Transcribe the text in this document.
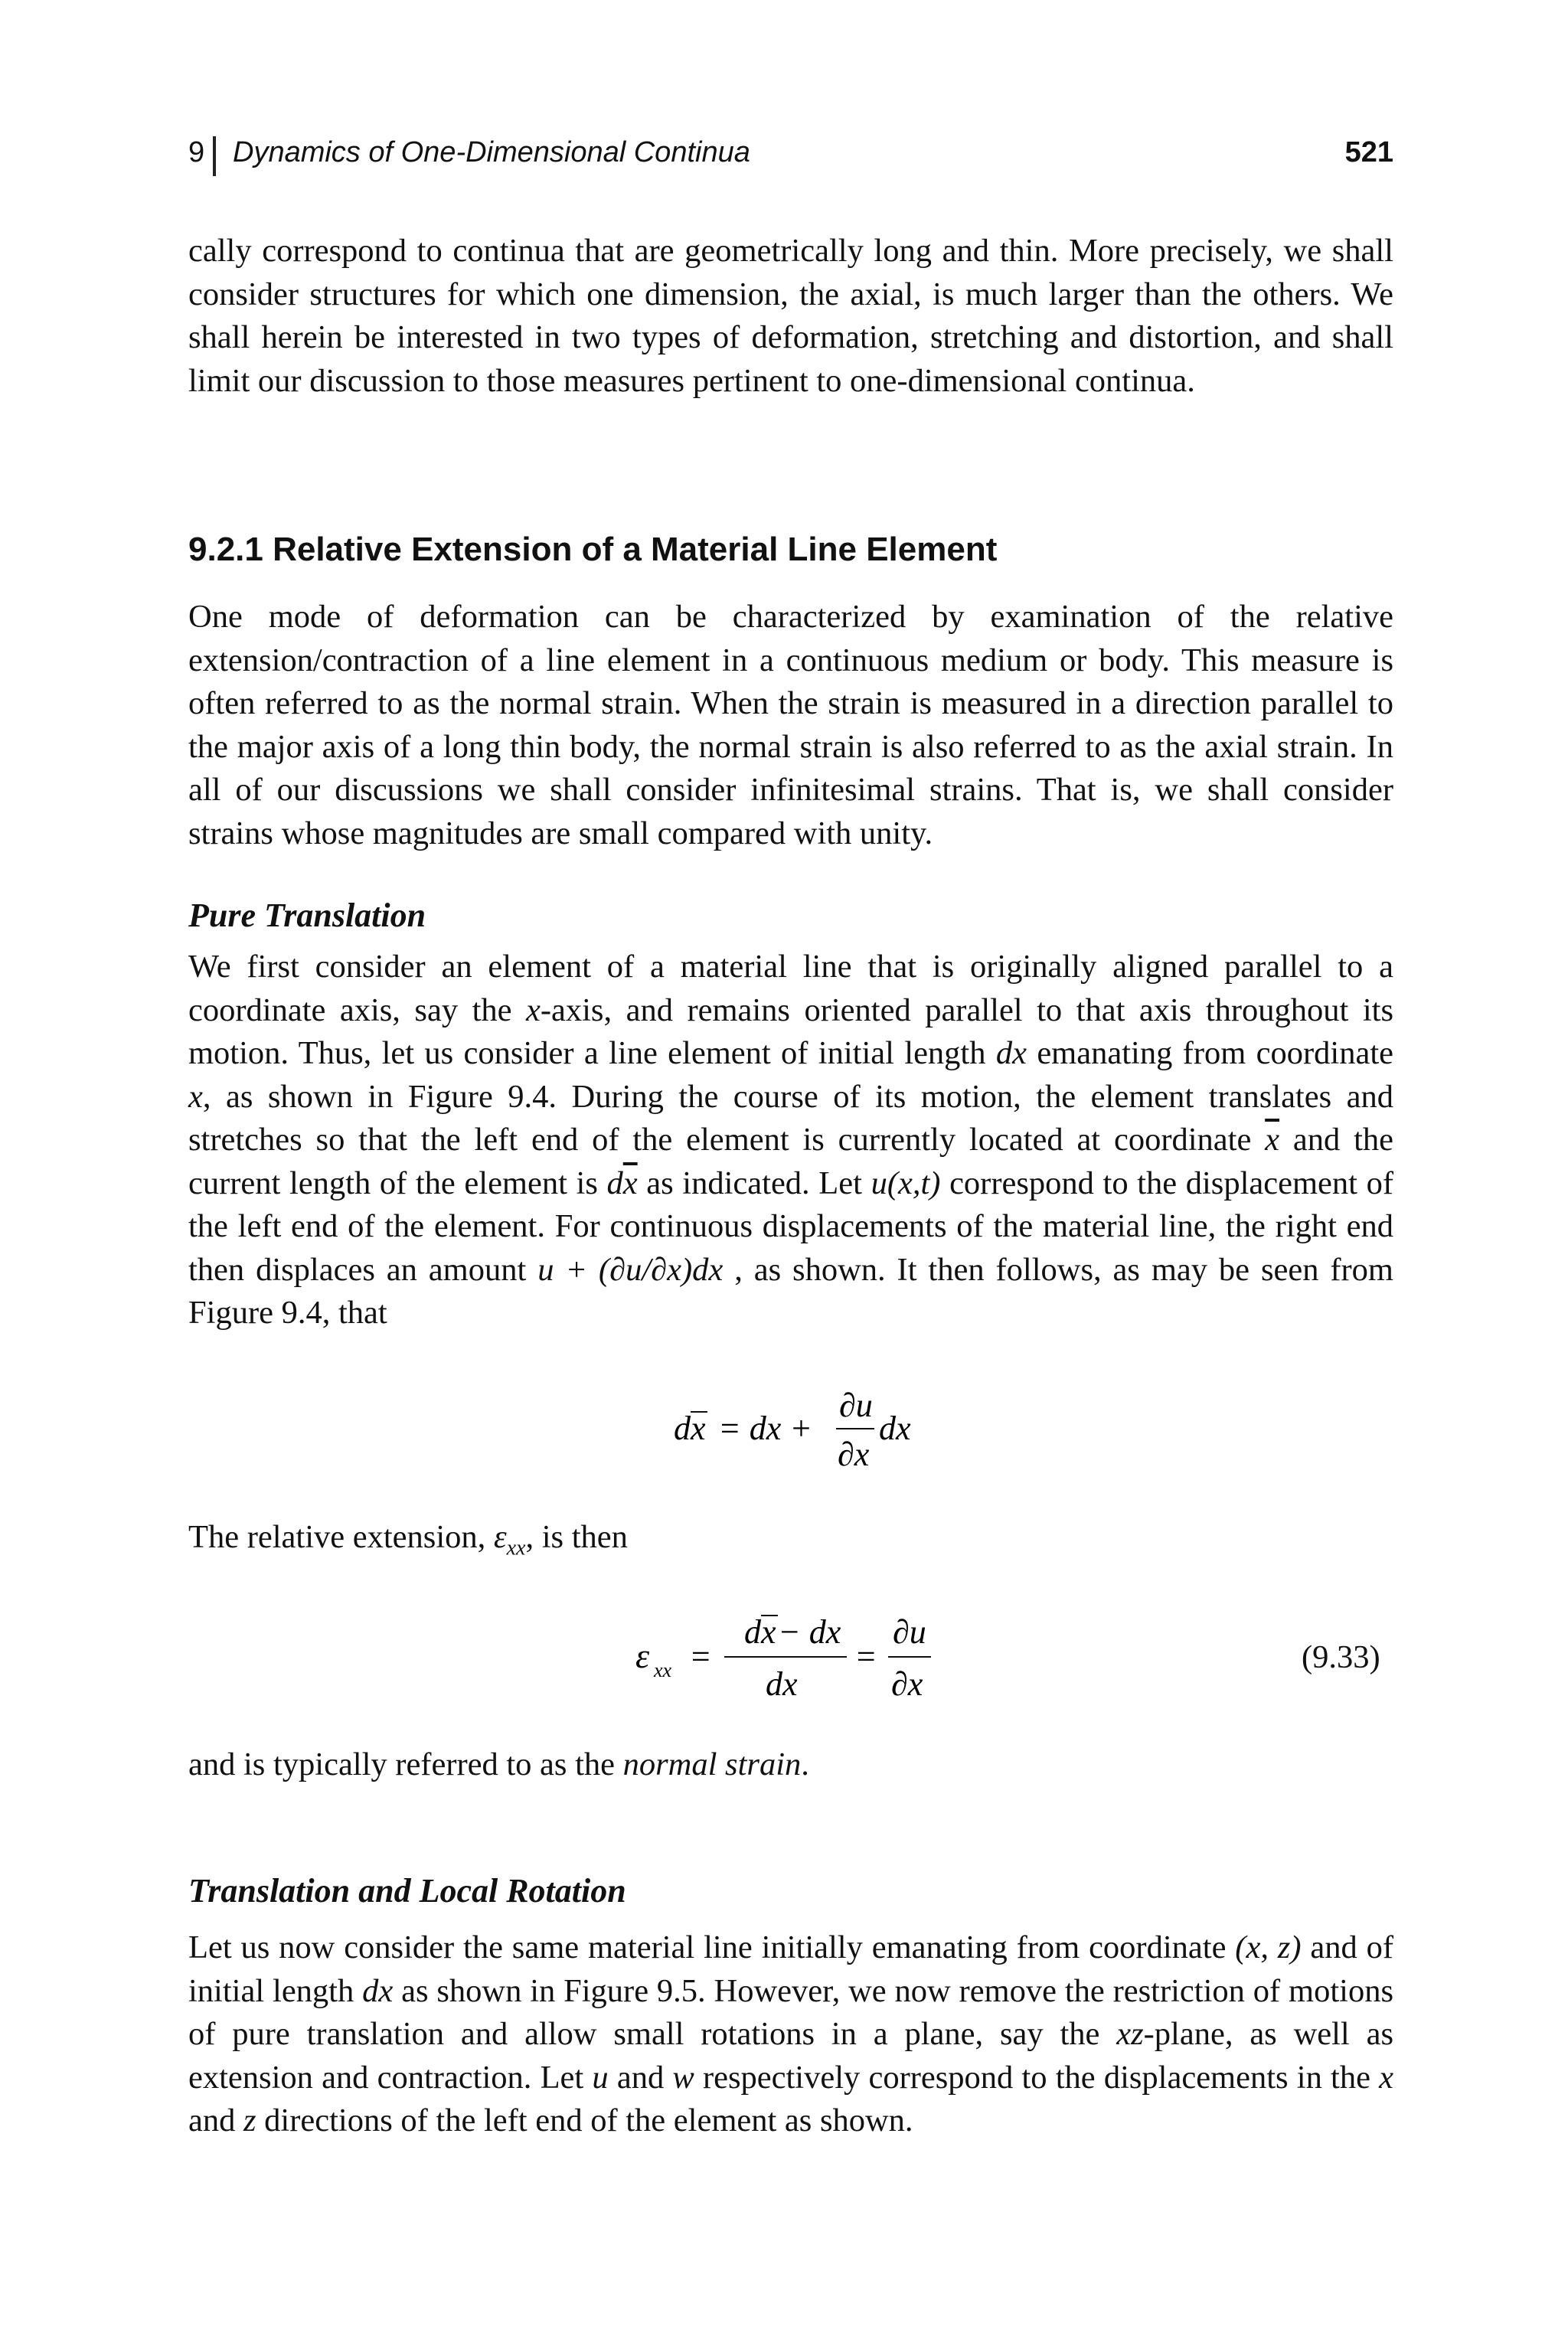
9 Dynamics of One-Dimensional Continua	521

cally correspond to continua that are geometrically long and thin. More precisely, we shall consider structures for which one dimension, the axial, is much larger than the others. We shall herein be interested in two types of deformation, stretching and distortion, and shall limit our discussion to those measures pertinent to one-dimensional continua.

9.2.1 Relative Extension of a Material Line Element

One mode of deformation can be characterized by examination of the relative extension/contraction of a line element in a continuous medium or body. This measure is often referred to as the normal strain. When the strain is measured in a direction parallel to the major axis of a long thin body, the normal strain is also referred to as the axial strain. In all of our discussions we shall consider infinitesimal strains. That is, we shall consider strains whose magnitudes are small compared with unity.

Pure Translation

We first consider an element of a material line that is originally aligned parallel to a coordinate axis, say the x-axis, and remains oriented parallel to that axis throughout its motion. Thus, let us consider a line element of initial length dx emanating from coordinate x, as shown in Figure 9.4. During the course of its motion, the element translates and stretches so that the left end of the element is currently located at coordinate $\overline{x}$ and the current length of the element is $d\overline{x}$ as indicated. Let u(x,t) correspond to the displacement of the left end of the element. For continuous displacements of the material line, the right end then displaces an amount u + (∂u/∂x)dx , as shown. It then follows, as may be seen from Figure 9.4, that

d x = dx +
∂u
∂x
dx
The relative extension, $\varepsilon_{xx}$, is then
ε xx =
d x − dx
dx
=
∂u
∂x
(9.33)
and is typically referred to as the normal strain.
Translation and Local Rotation

Let us now consider the same material line initially emanating from coordinate (x, z) and of initial length dx as shown in Figure 9.5. However, we now remove the restriction of motions of pure translation and allow small rotations in a plane, say the xz-plane, as well as extension and contraction. Let u and w respectively correspond to the displacements in the x and z directions of the left end of the element as shown.
